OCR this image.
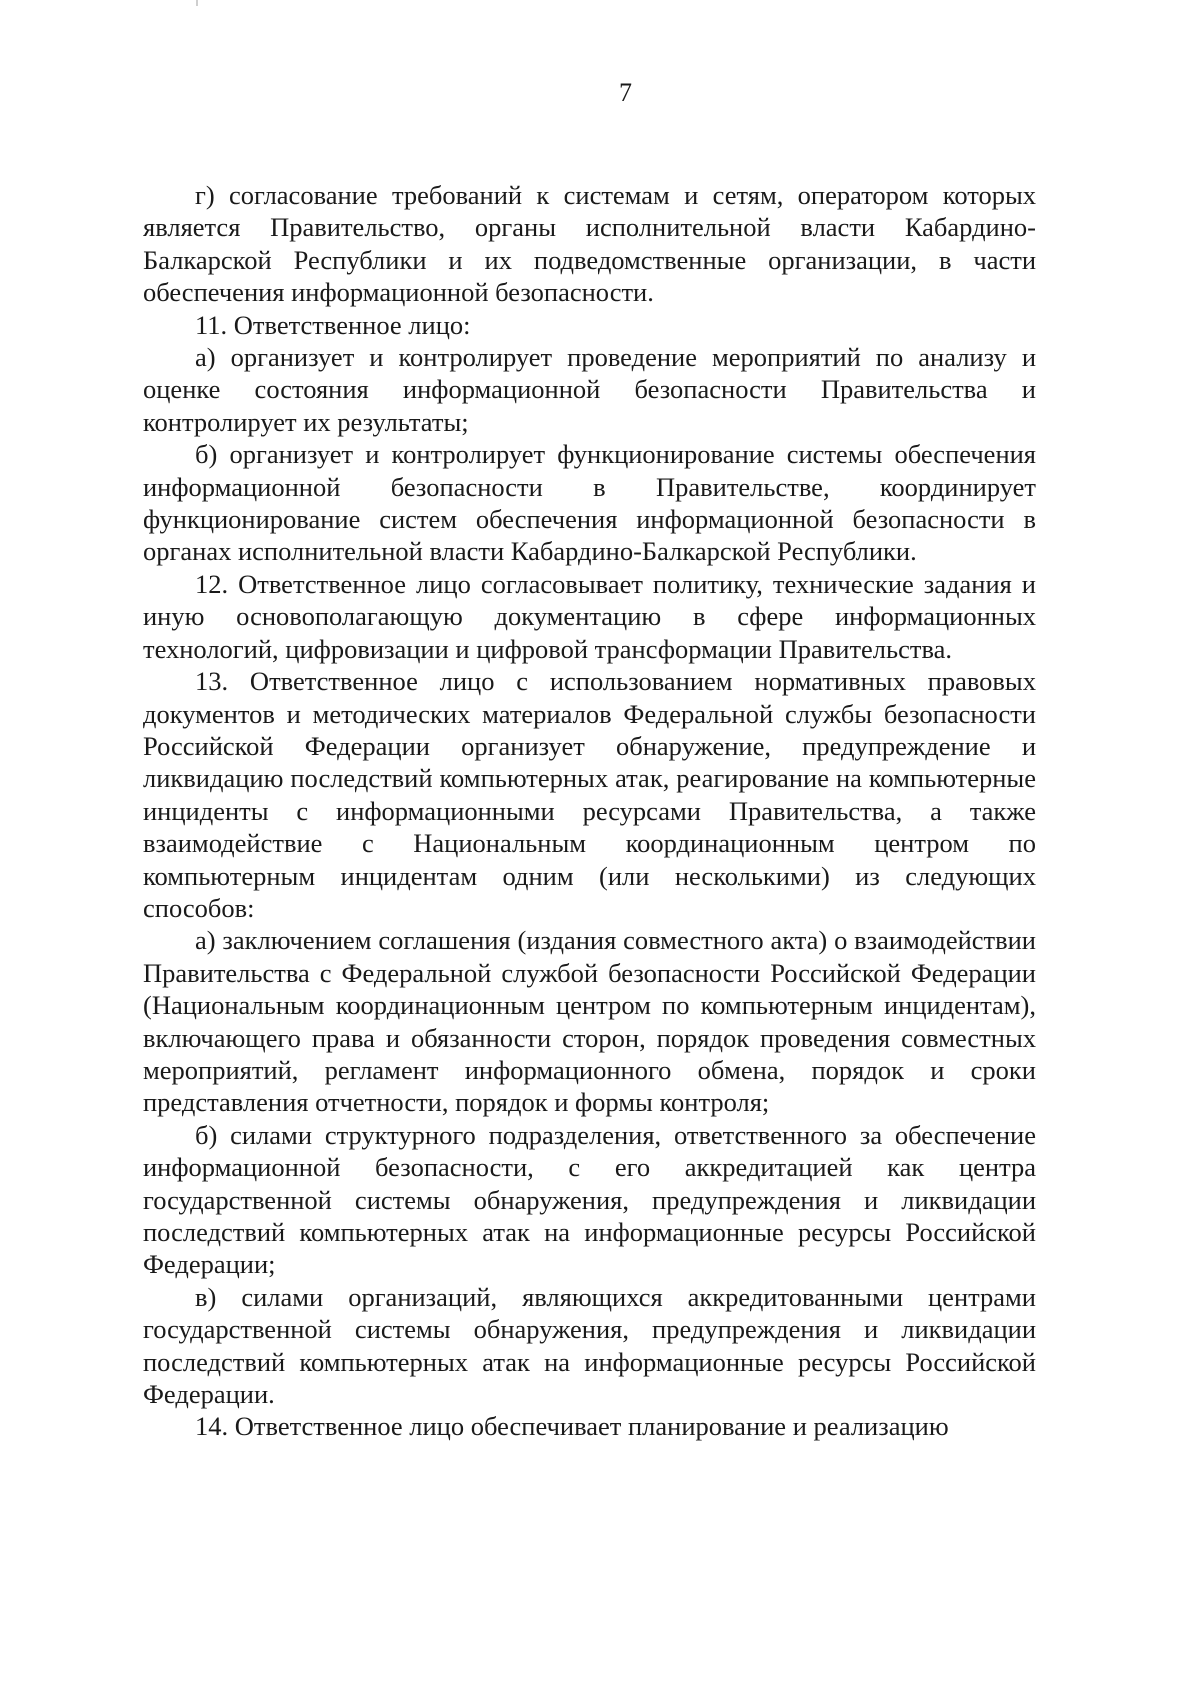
7

г) согласование требований к системам и сетям, оператором которых является Правительство, органы исполнительной власти Кабардино-Балкарской Республики и их подведомственные организации, в части обеспечения информационной безопасности.

11. Ответственное лицо:

а) организует и контролирует проведение мероприятий по анализу и оценке состояния информационной безопасности Правительства и контролирует их результаты;

б) организует и контролирует функционирование системы обеспечения информационной безопасности в Правительстве, координирует функционирование систем обеспечения информационной безопасности в органах исполнительной власти Кабардино-Балкарской Республики.

12. Ответственное лицо согласовывает политику, технические задания и иную основополагающую документацию в сфере информационных технологий, цифровизации и цифровой трансформации Правительства.

13. Ответственное лицо с использованием нормативных правовых документов и методических материалов Федеральной службы безопасности Российской Федерации организует обнаружение, предупреждение и ликвидацию последствий компьютерных атак, реагирование на компьютерные инциденты с информационными ресурсами Правительства, а также взаимодействие с Национальным координационным центром по компьютерным инцидентам одним (или несколькими) из следующих способов:

а) заключением соглашения (издания совместного акта) о взаимодействии Правительства с Федеральной службой безопасности Российской Федерации (Национальным координационным центром по компьютерным инцидентам), включающего права и обязанности сторон, порядок проведения совместных мероприятий, регламент информационного обмена, порядок и сроки представления отчетности, порядок и формы контроля;

б) силами структурного подразделения, ответственного за обеспечение информационной безопасности, с его аккредитацией как центра государственной системы обнаружения, предупреждения и ликвидации последствий компьютерных атак на информационные ресурсы Российской Федерации;

в) силами организаций, являющихся аккредитованными центрами государственной системы обнаружения, предупреждения и ликвидации последствий компьютерных атак на информационные ресурсы Российской Федерации.

14. Ответственное лицо обеспечивает планирование и реализацию
